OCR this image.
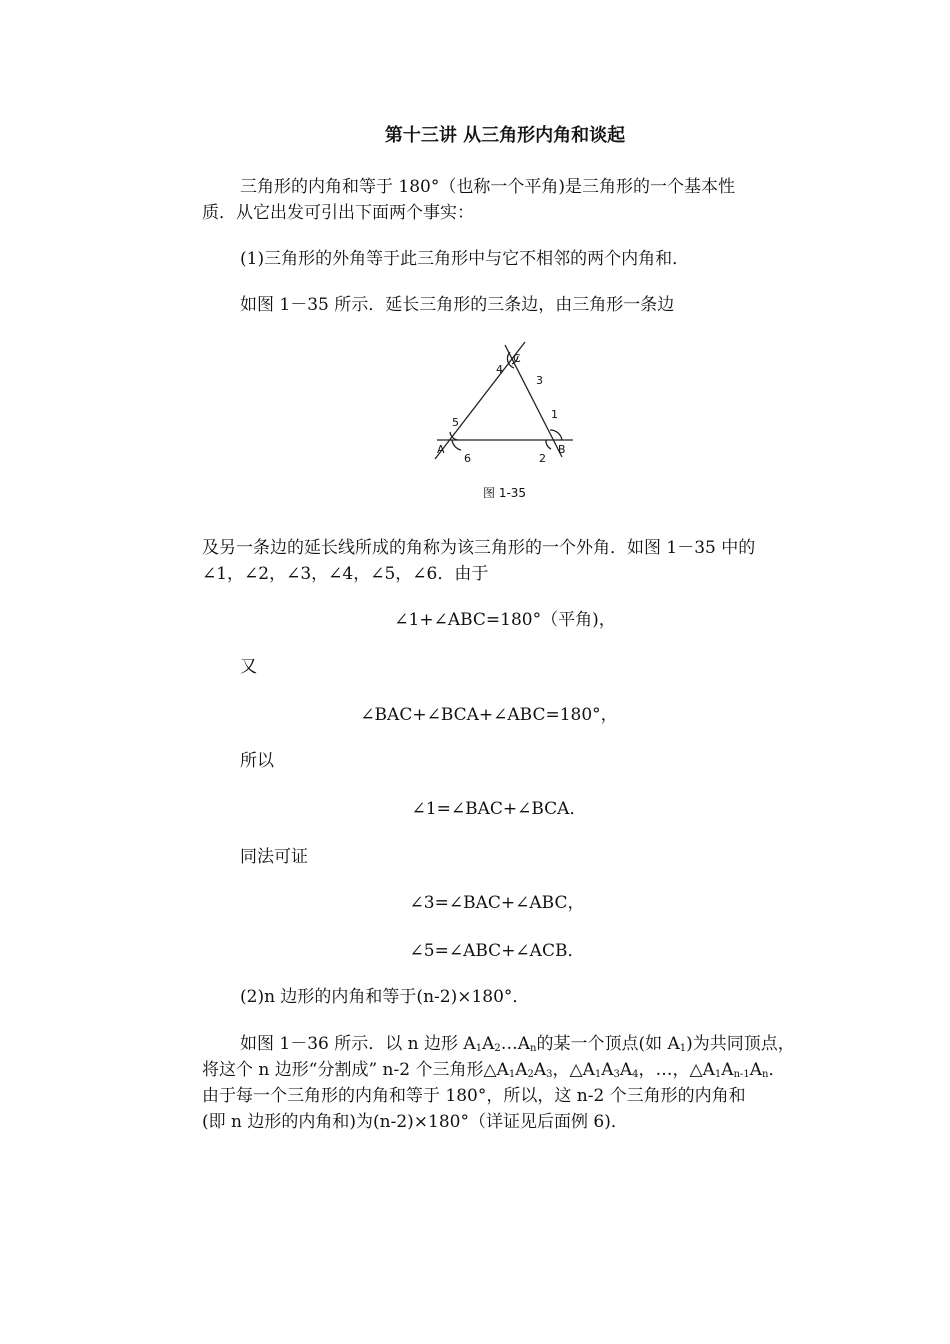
第十三讲 从三角形内角和谈起
三角形的内角和等于 180°（也称一个平角)是三角形的一个基本性
质．从它出发可引出下面两个事实：
(1)三角形的外角等于此三角形中与它不相邻的两个内角和．
如图 1－35 所示．延长三角形的三条边，由三角形一条边
A	B
C
1
2
3
4
5
6
图 1-35
及另一条边的延长线所成的角称为该三角形的一个外角．如图 1－35 中的
∠1，∠2，∠3，∠4，∠5，∠6．由于
∠1+∠ABC=180°（平角)，
又
∠BAC+∠BCA+∠ABC=180°，
所以
∠1=∠BAC+∠BCA．
同法可证
∠3=∠BAC+∠ABC，
∠5=∠ABC+∠ACB．
(2)n 边形的内角和等于(n-2)×180°．
如图 1－36 所示．以 n 边形 $A_1A_2\dots A_n$的某一个顶点(如 $A_1$)为共同顶点，
将这个 n 边形“分割成” n-2 个三角形$\triangle A_1A_2A_3$，$\triangle A_1A_3A_4$，…，$\triangle A_1A_{n-1}A_n$．
由于每一个三角形的内角和等于 180°，所以，这 n-2 个三角形的内角和
(即 n 边形的内角和)为(n-2)×180°（详证见后面例 6)．
